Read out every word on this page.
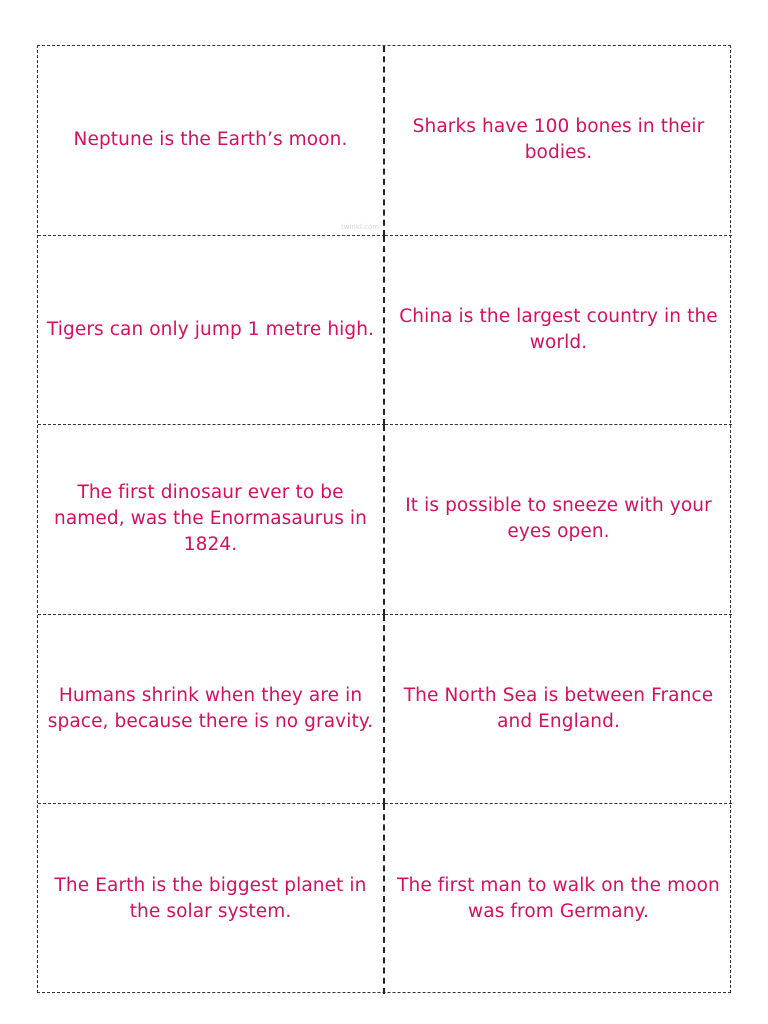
Neptune is the Earth’s moon.
Sharks have 100 bones in their bodies.
Tigers can only jump 1 metre high.
China is the largest country in the world.
The first dinosaur ever to be named, was the Enormasaurus in 1824.
It is possible to sneeze with your eyes open.
Humans shrink when they are in space, because there is no gravity.
The North Sea is between France and England.
The Earth is the biggest planet in the solar system.
The first man to walk on the moon was from Germany.
twinkl.com
